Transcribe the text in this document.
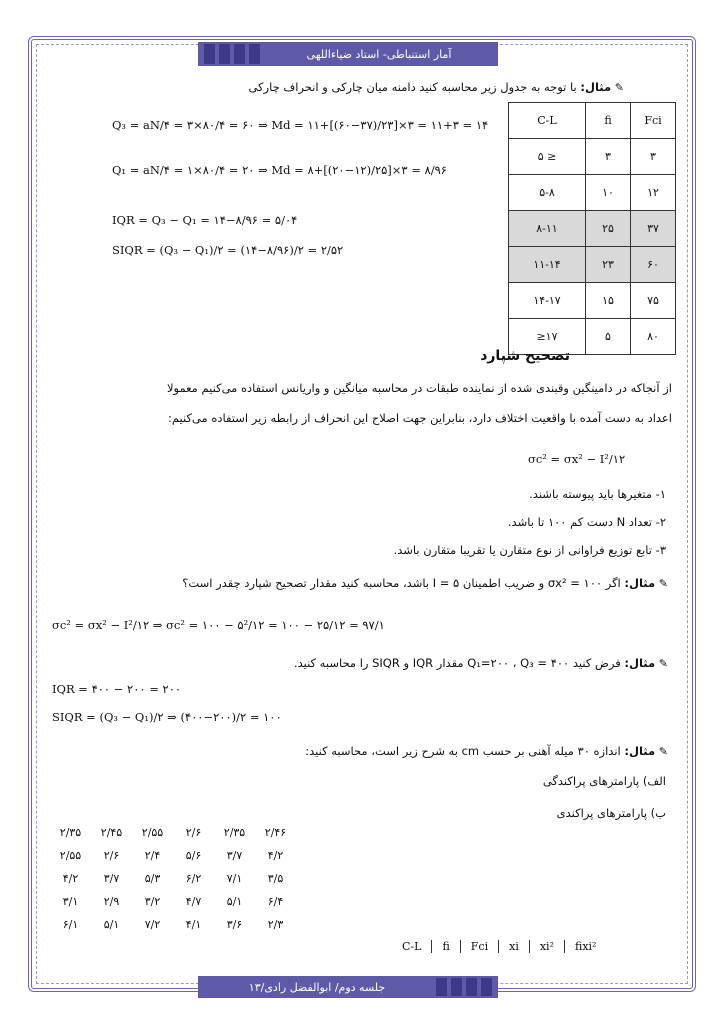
آمار استنباطی- استاد ضیاءاللهی
✎ مثال: با توجه به جدول زیر محاسبه کنید دامنه میان چارکی و انحراف چارکی
C-L	fi	Fci
۵ ≥	۳	۳
۵-۸	۱۰	۱۲
۸-۱۱	۲۵	۳۷
۱۱-۱۴	۲۳	۶۰
۱۴-۱۷	۱۵	۷۵
≥۱۷	۵	۸۰
Q₃ = aN/۴ = ۳×۸۰/۴ = ۶۰ ⇒ Md = ۱۱+[(۶۰−۳۷)/۲۳]×۳ = ۱۱+۳ = ۱۴
Q₁ = aN/۴ = ۱×۸۰/۴ = ۲۰ ⇒ Md = ۸+[(۲۰−۱۲)/۲۵]×۳ = ۸/۹۶
IQR = Q₃ − Q₁ = ۱۴−۸/۹۶ = ۵/۰۴
SIQR = (Q₃ − Q₁)/۲ = (۱۴−۸/۹۶)/۲ = ۲/۵۲
تصحیح شپارد
از آنجاکه در دامینگین وقبندی شده از نماینده طبقات در محاسبه میانگین و واریانس استفاده می‌کنیم معمولا
اعداد به دست آمده با واقعیت اختلاف دارد، بنابراین جهت اصلاح این انحراف از رابطه زیر استفاده می‌کنیم:
σc² = σx² − I²/۱۲
۱- متغیرها باید پیوسته باشند.
۲- تعداد N دست کم ۱۰۰ تا باشد.
۳- تابع توزیع فراوانی از نوع متقارن یا تقریبا متقارن باشد.
✎ مثال: اگر σx² = ۱۰۰ و ضریب اطمینان I = ۵ باشد، محاسبه کنید مقدار تصحیح شپارد چقدر است؟
σc² = σx² − I²/۱۲ ⇒ σc² = ۱۰۰ − ۵²/۱۲ = ۱۰۰ − ۲۵/۱۲ = ۹۷/۱
✎ مثال: فرض کنید Q₁=۲۰۰ ، Q₃ = ۴۰۰ مقدار IQR و SIQR را محاسبه کنید.
IQR = ۴۰۰ − ۲۰۰ = ۲۰۰
SIQR = (Q₃ − Q₁)/۲ ⇒ (۴۰۰−۲۰۰)/۲ = ۱۰۰
✎ مثال: اندازه ۳۰ میله آهنی بر حسب cm به شرح زیر است، محاسبه کنید:
الف) پارامترهای پراکندگی
ب) پارامترهای پراکندی
۲/۳۵	۲/۴۵	۲/۵۵	۲/۶	۲/۳۵	۲/۴۶
۲/۵۵	۲/۶	۲/۴	۵/۶	۳/۷	۴/۲
۴/۲	۳/۷	۵/۳	۶/۲	۷/۱	۳/۵
۳/۱	۲/۹	۳/۲	۴/۷	۵/۱	۶/۴
۶/۱	۵/۱	۷/۲	۴/۱	۳/۶	۲/۳
C-L	fi	Fci	xi	xi²	fixi²
جلسه دوم/ ابوالفضل رادی/۱۳
